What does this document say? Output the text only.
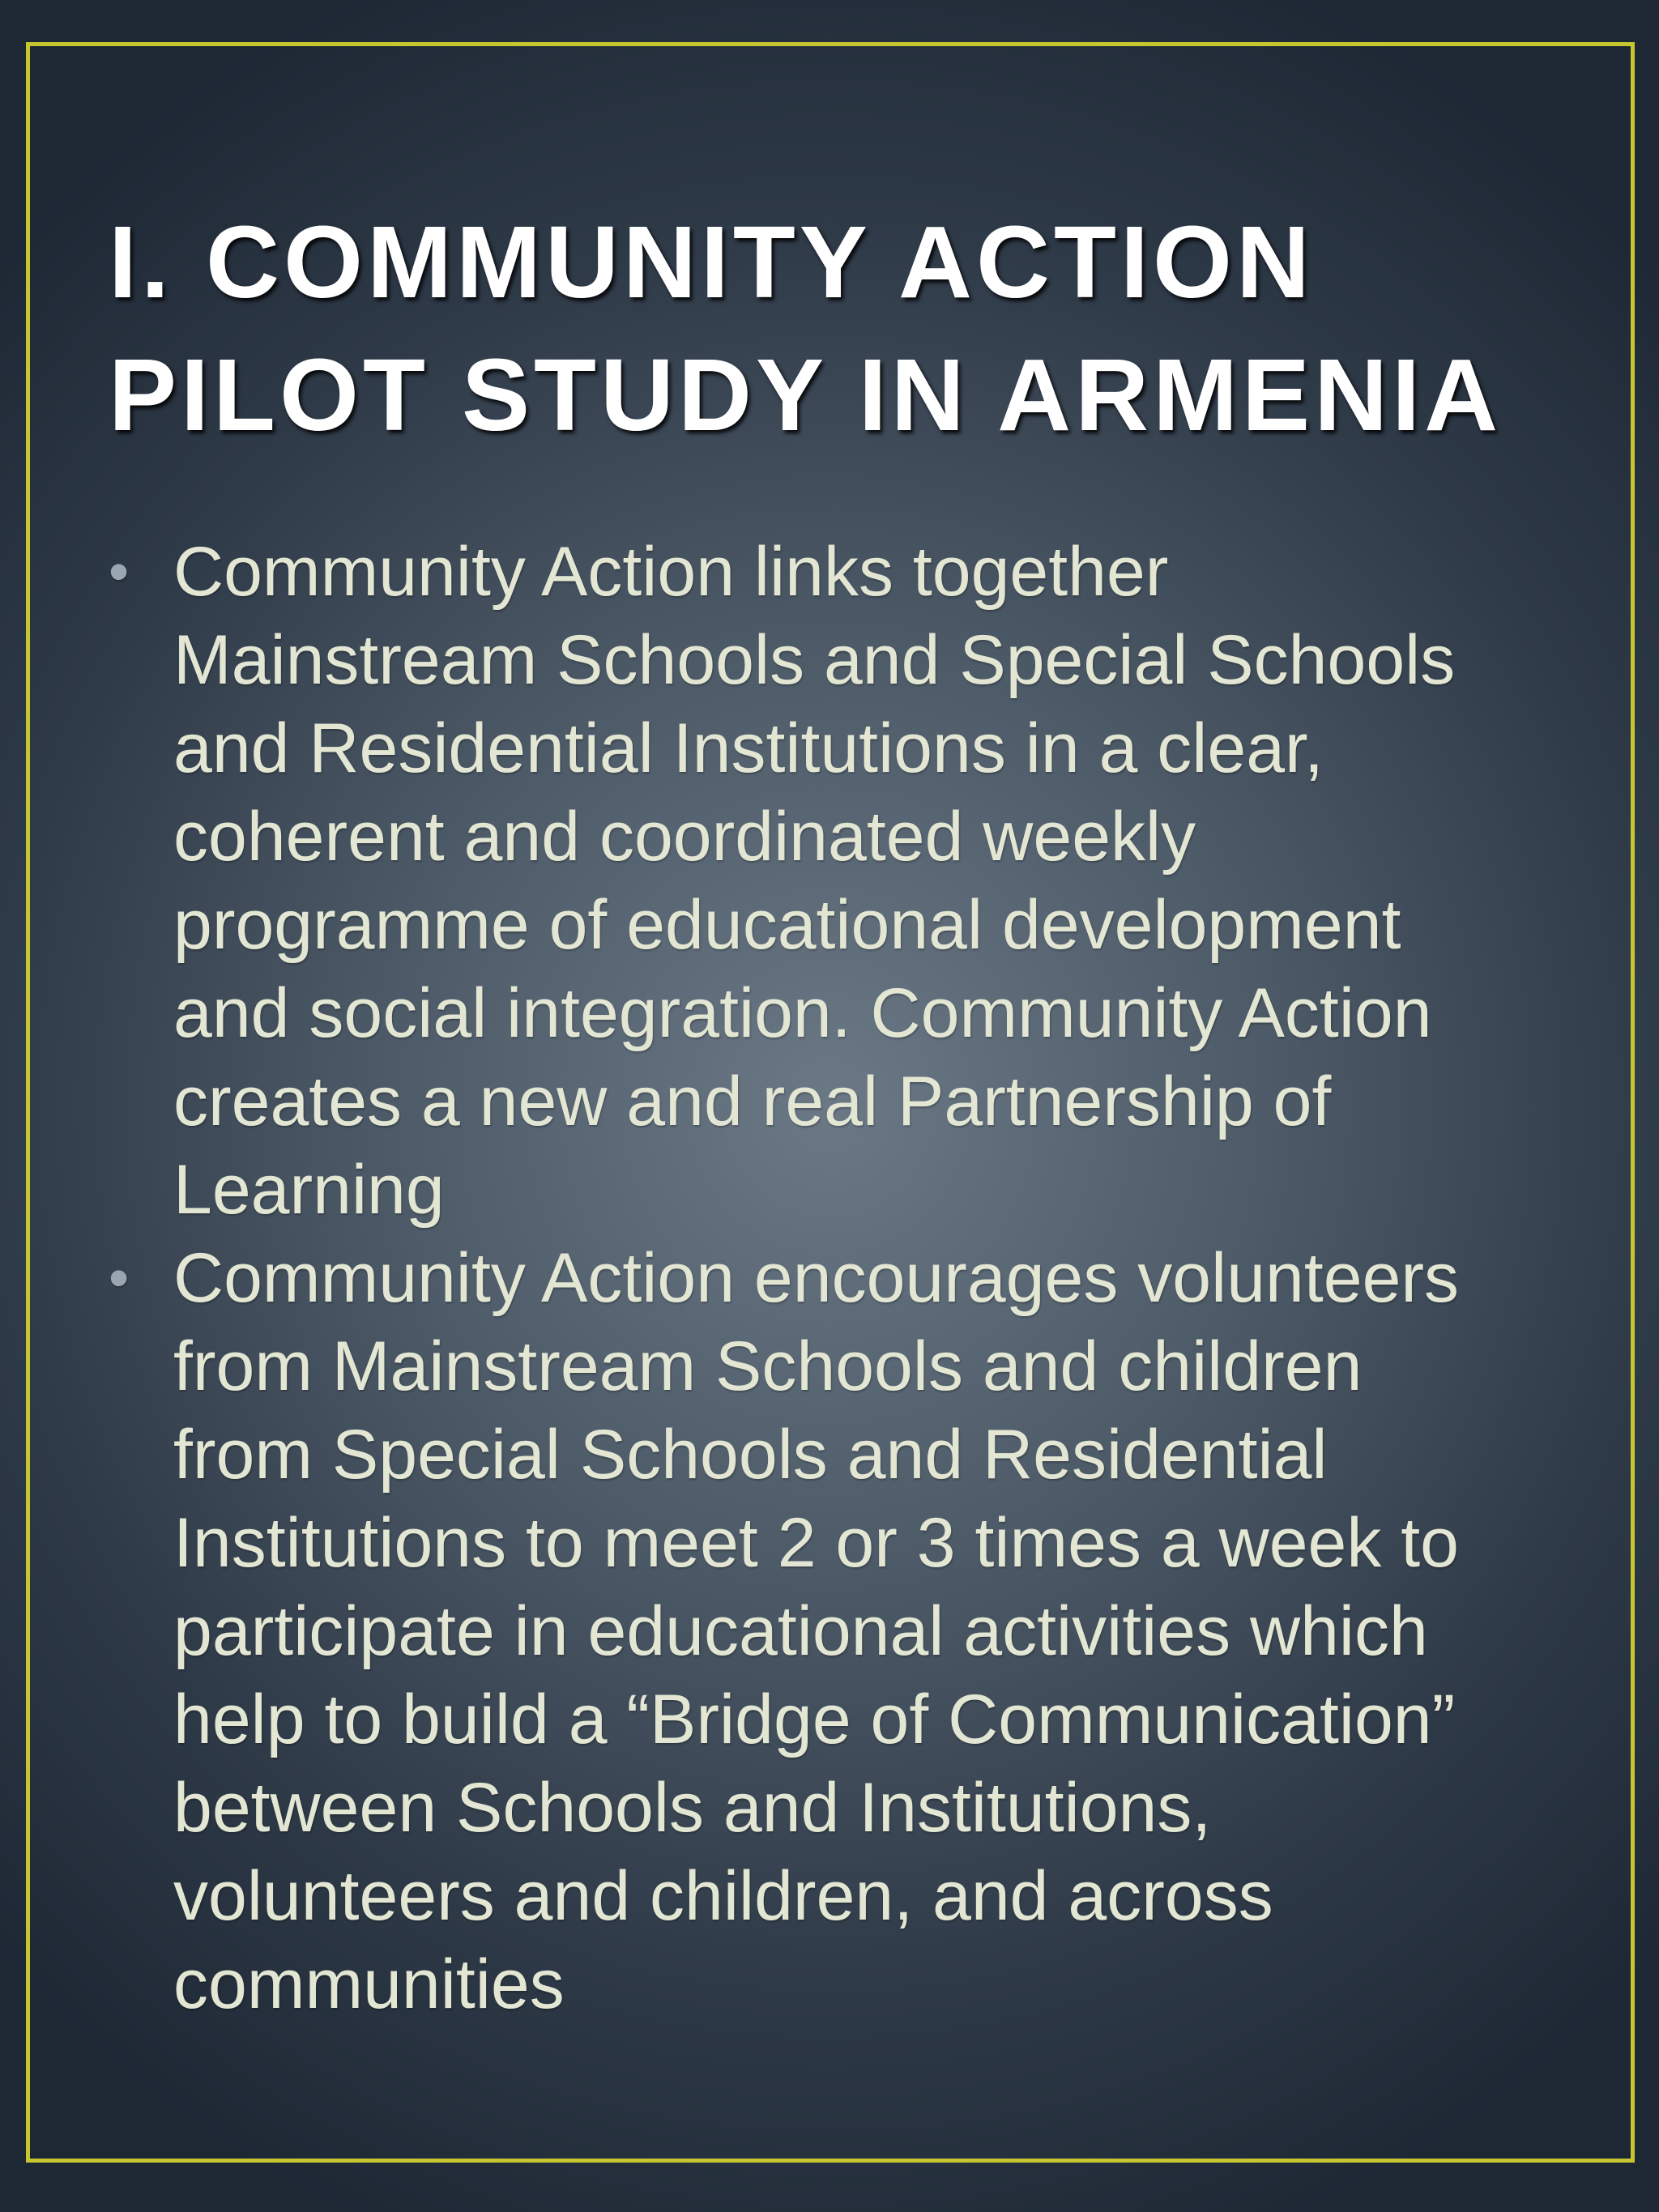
I. COMMUNITY ACTION
PILOT STUDY IN ARMENIA
• Community Action links together
Mainstream Schools and Special Schools
and Residential Institutions in a clear,
coherent and coordinated weekly
programme of educational development
and social integration. Community Action
creates a new and real Partnership of
Learning
• Community Action encourages volunteers
from Mainstream Schools and children
from Special Schools and Residential
Institutions to meet 2 or 3 times a week to
participate in educational activities which
help to build a “Bridge of Communication”
between Schools and Institutions,
volunteers and children, and across
communities
